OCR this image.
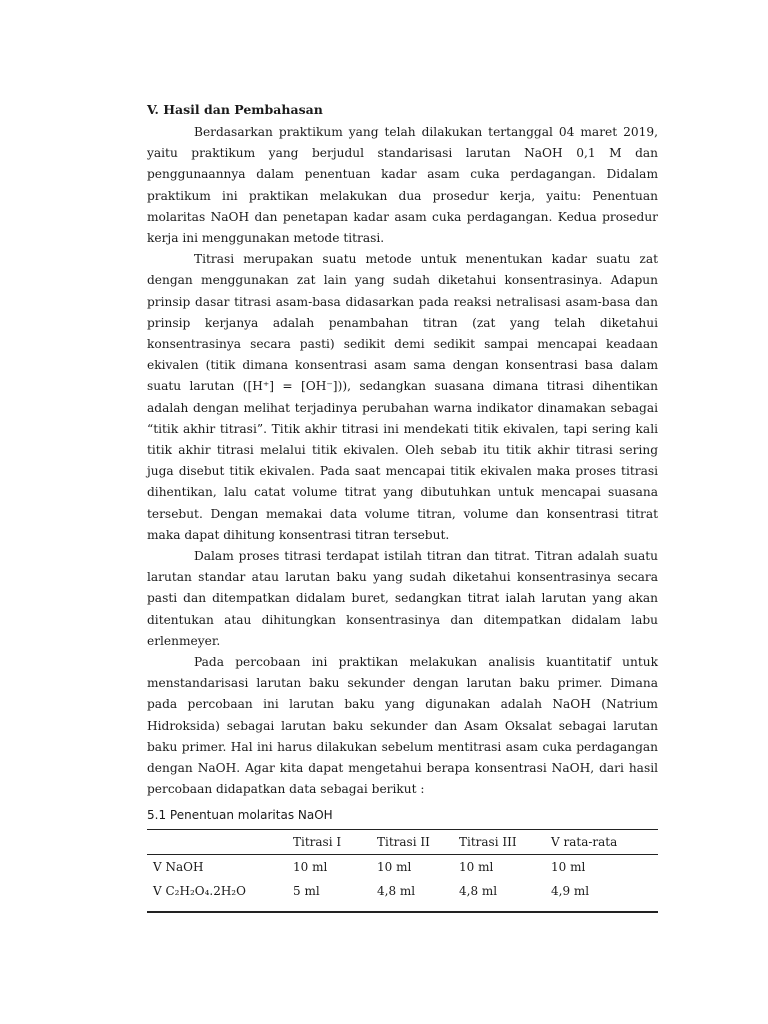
V. Hasil dan Pembahasan

Berdasarkan praktikum yang telah dilakukan tertanggal 04 maret 2019, yaitu praktikum yang berjudul standarisasi larutan NaOH 0,1 M dan penggunaannya dalam penentuan kadar asam cuka perdagangan. Didalam praktikum ini praktikan melakukan dua prosedur kerja, yaitu: Penentuan molaritas NaOH dan penetapan kadar asam cuka perdagangan. Kedua prosedur kerja ini menggunakan metode titrasi.

Titrasi merupakan suatu metode untuk menentukan kadar suatu zat dengan menggunakan zat lain yang sudah diketahui konsentrasinya. Adapun prinsip dasar titrasi asam-basa didasarkan pada reaksi netralisasi asam-basa dan prinsip kerjanya adalah penambahan titran (zat yang telah diketahui konsentrasinya secara pasti) sedikit demi sedikit sampai mencapai keadaan ekivalen (titik dimana konsentrasi asam sama dengan konsentrasi basa dalam suatu larutan ([H⁺] = [OH⁻])), sedangkan suasana dimana titrasi dihentikan adalah dengan melihat terjadinya perubahan warna indikator dinamakan sebagai “titik akhir titrasi”. Titik akhir titrasi ini mendekati titik ekivalen, tapi sering kali titik akhir titrasi melalui titik ekivalen. Oleh sebab itu titik akhir titrasi sering juga disebut titik ekivalen. Pada saat mencapai titik ekivalen maka proses titrasi dihentikan, lalu catat volume titrat yang dibutuhkan untuk mencapai suasana tersebut. Dengan memakai data volume titran, volume dan konsentrasi titrat maka dapat dihitung konsentrasi titran tersebut.

Dalam proses titrasi terdapat istilah titran dan titrat. Titran adalah suatu larutan standar atau larutan baku yang sudah diketahui konsentrasinya secara pasti dan ditempatkan didalam buret, sedangkan titrat ialah larutan yang akan ditentukan atau dihitungkan konsentrasinya dan ditempatkan didalam labu erlenmeyer.

Pada percobaan ini praktikan melakukan analisis kuantitatif untuk menstandarisasi larutan baku sekunder dengan larutan baku primer. Dimana pada percobaan ini larutan baku yang digunakan adalah NaOH (Natrium Hidroksida) sebagai larutan baku sekunder dan Asam Oksalat sebagai larutan baku primer. Hal ini harus dilakukan sebelum mentitrasi asam cuka perdagangan dengan NaOH. Agar kita dapat mengetahui berapa konsentrasi NaOH, dari hasil percobaan didapatkan data sebagai berikut :

5.1 Penentuan molaritas NaOH
	Titrasi I	Titrasi II	Titrasi III	V rata-rata
V NaOH	10 ml	10 ml	10 ml	10 ml
V C₂H₂O₄.2H₂O	5 ml	4,8 ml	4,8 ml	4,9 ml
